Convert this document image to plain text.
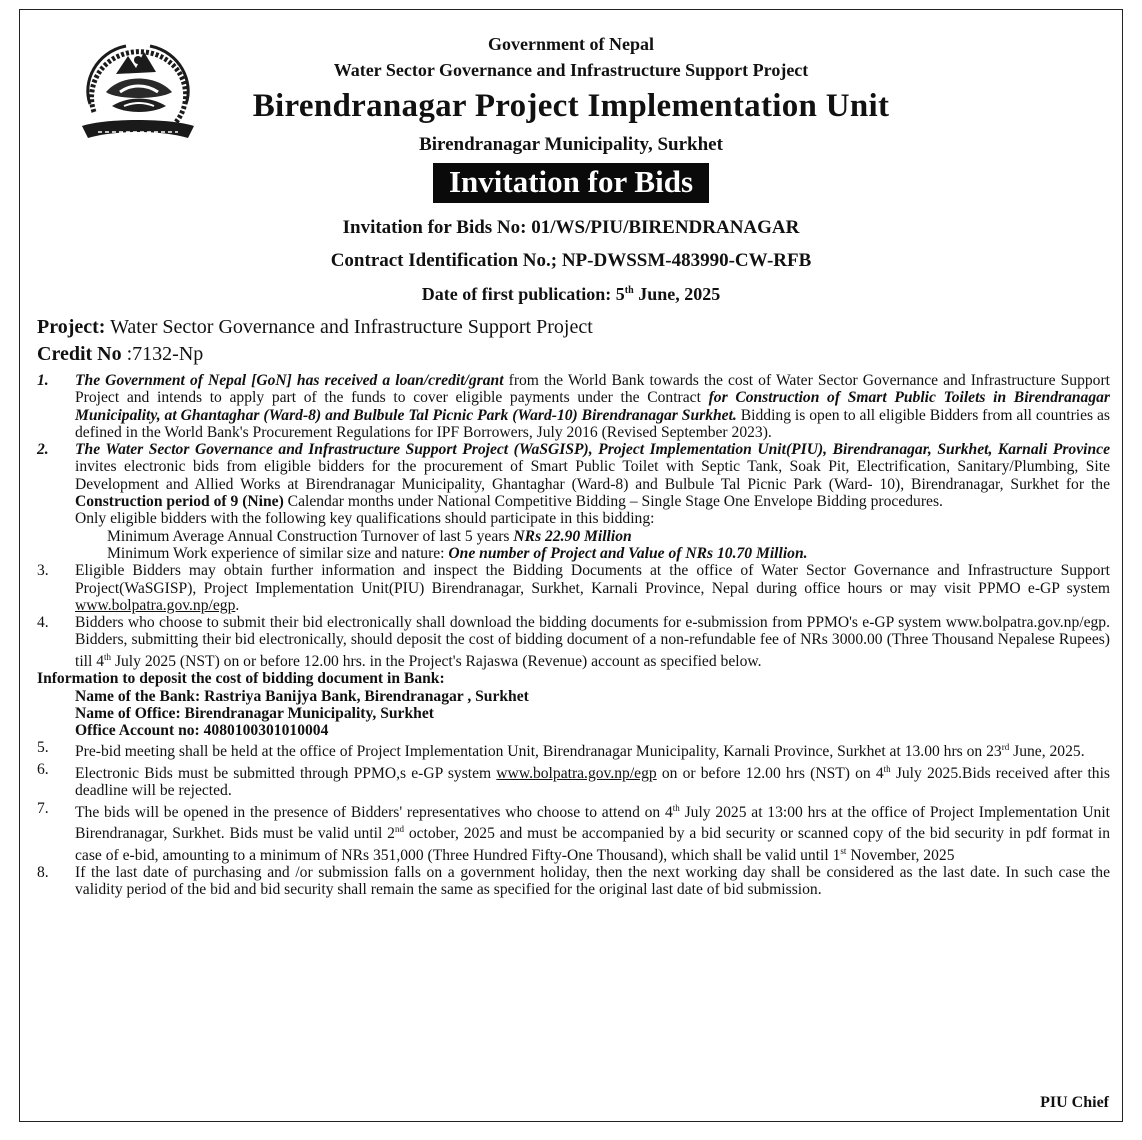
Government of Nepal
Water Sector Governance and Infrastructure Support Project
Birendranagar Project Implementation Unit
Birendranagar Municipality, Surkhet
Invitation for Bids
Invitation for Bids No: 01/WS/PIU/BIRENDRANAGAR
Contract Identification No.; NP-DWSSM-483990-CW-RFB
Date of first publication: 5th June, 2025
Project: Water Sector Governance and Infrastructure Support Project
Credit No :7132-Np
1. The Government of Nepal [GoN] has received a loan/credit/grant from the World Bank towards the cost of Water Sector Governance and Infrastructure Support Project and intends to apply part of the funds to cover eligible payments under the Contract for Construction of Smart Public Toilets in Birendranagar Municipality, at Ghantaghar (Ward-8) and Bulbule Tal Picnic Park (Ward-10) Birendranagar Surkhet. Bidding is open to all eligible Bidders from all countries as defined in the World Bank's Procurement Regulations for IPF Borrowers, July 2016 (Revised September 2023).
2. The Water Sector Governance and Infrastructure Support Project (WaSGISP), Project Implementation Unit(PIU), Birendranagar, Surkhet, Karnali Province invites electronic bids from eligible bidders for the procurement of Smart Public Toilet with Septic Tank, Soak Pit, Electrification, Sanitary/Plumbing, Site Development and Allied Works at Birendranagar Municipality, Ghantaghar (Ward-8) and Bulbule Tal Picnic Park (Ward- 10), Birendranagar, Surkhet for the Construction period of 9 (Nine) Calendar months under National Competitive Bidding – Single Stage One Envelope Bidding procedures.
Only eligible bidders with the following key qualifications should participate in this bidding:
Minimum Average Annual Construction Turnover of last 5 years NRs 22.90 Million
Minimum Work experience of similar size and nature: One number of Project and Value of NRs 10.70 Million.
3. Eligible Bidders may obtain further information and inspect the Bidding Documents at the office of Water Sector Governance and Infrastructure Support Project(WaSGISP), Project Implementation Unit(PIU) Birendranagar, Surkhet, Karnali Province, Nepal during office hours or may visit PPMO e-GP system www.bolpatra.gov.np/egp.
4. Bidders who choose to submit their bid electronically shall download the bidding documents for e-submission from PPMO's e-GP system www.bolpatra.gov.np/egp. Bidders, submitting their bid electronically, should deposit the cost of bidding document of a non-refundable fee of NRs 3000.00 (Three Thousand Nepalese Rupees) till 4th July 2025 (NST) on or before 12.00 hrs. in the Project's Rajaswa (Revenue) account as specified below.
Information to deposit the cost of bidding document in Bank:
Name of the Bank: Rastriya Banijya Bank, Birendranagar , Surkhet
Name of Office: Birendranagar Municipality, Surkhet
Office Account no: 4080100301010004
5. Pre-bid meeting shall be held at the office of Project Implementation Unit, Birendranagar Municipality, Karnali Province, Surkhet at 13.00 hrs on 23rd June, 2025.
6. Electronic Bids must be submitted through PPMO,s e-GP system www.bolpatra.gov.np/egp on or before 12.00 hrs (NST) on 4th July 2025.Bids received after this deadline will be rejected.
7. The bids will be opened in the presence of Bidders' representatives who choose to attend on 4th July 2025 at 13:00 hrs at the office of Project Implementation Unit Birendranagar, Surkhet. Bids must be valid until 2nd october, 2025 and must be accompanied by a bid security or scanned copy of the bid security in pdf format in case of e-bid, amounting to a minimum of NRs 351,000 (Three Hundred Fifty-One Thousand), which shall be valid until 1st November, 2025
8. If the last date of purchasing and /or submission falls on a government holiday, then the next working day shall be considered as the last date. In such case the validity period of the bid and bid security shall remain the same as specified for the original last date of bid submission.
PIU Chief
